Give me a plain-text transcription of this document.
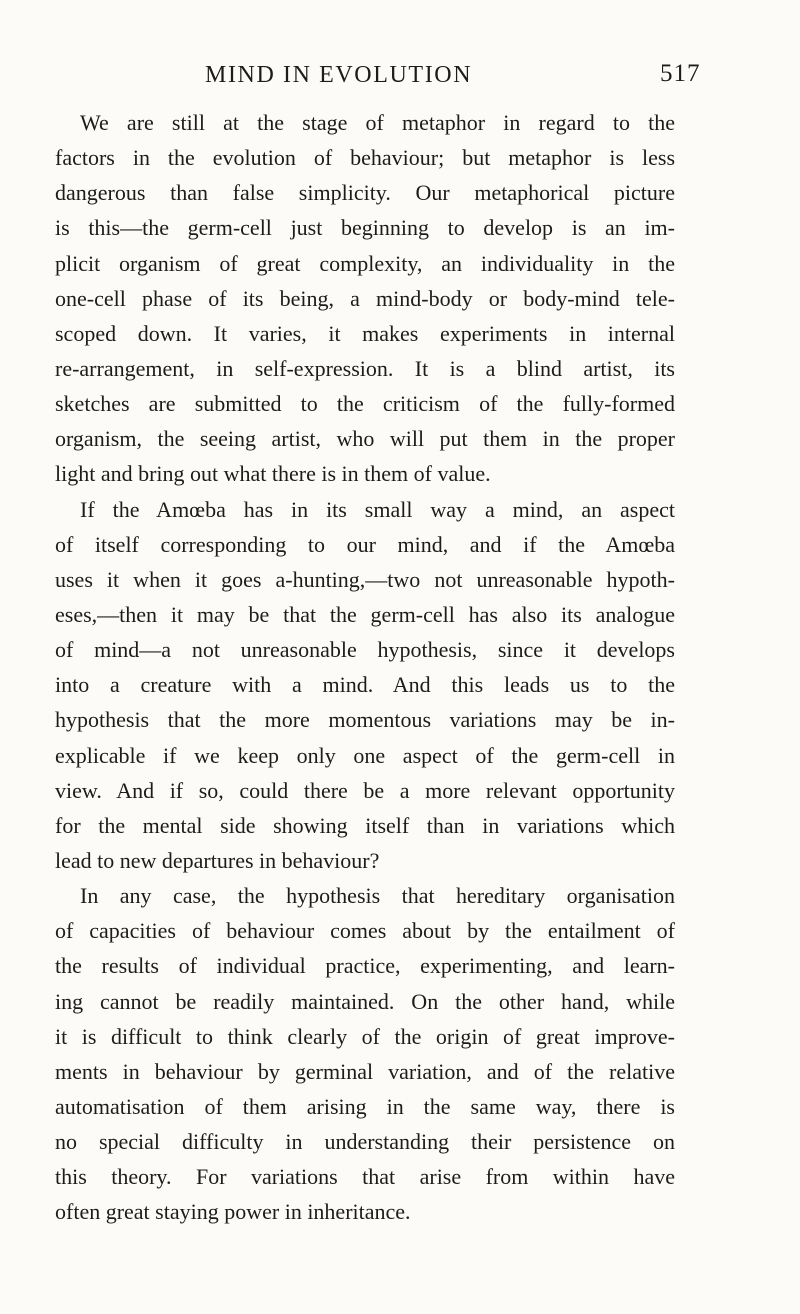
MIND IN EVOLUTION	517
We are still at the stage of metaphor in regard to the
factors in the evolution of behaviour; but metaphor is less
dangerous than false simplicity. Our metaphorical picture
is this—the germ-cell just beginning to develop is an im-
plicit organism of great complexity, an individuality in the
one-cell phase of its being, a mind-body or body-mind tele-
scoped down. It varies, it makes experiments in internal
re-arrangement, in self-expression. It is a blind artist, its
sketches are submitted to the criticism of the fully-formed
organism, the seeing artist, who will put them in the proper
light and bring out what there is in them of value.
If the Amœba has in its small way a mind, an aspect
of itself corresponding to our mind, and if the Amœba
uses it when it goes a-hunting,—two not unreasonable hypoth-
eses,—then it may be that the germ-cell has also its analogue
of mind—a not unreasonable hypothesis, since it develops
into a creature with a mind. And this leads us to the
hypothesis that the more momentous variations may be in-
explicable if we keep only one aspect of the germ-cell in
view. And if so, could there be a more relevant opportunity
for the mental side showing itself than in variations which
lead to new departures in behaviour?
In any case, the hypothesis that hereditary organisation
of capacities of behaviour comes about by the entailment of
the results of individual practice, experimenting, and learn-
ing cannot be readily maintained. On the other hand, while
it is difficult to think clearly of the origin of great improve-
ments in behaviour by germinal variation, and of the relative
automatisation of them arising in the same way, there is
no special difficulty in understanding their persistence on
this theory. For variations that arise from within have
often great staying power in inheritance.
